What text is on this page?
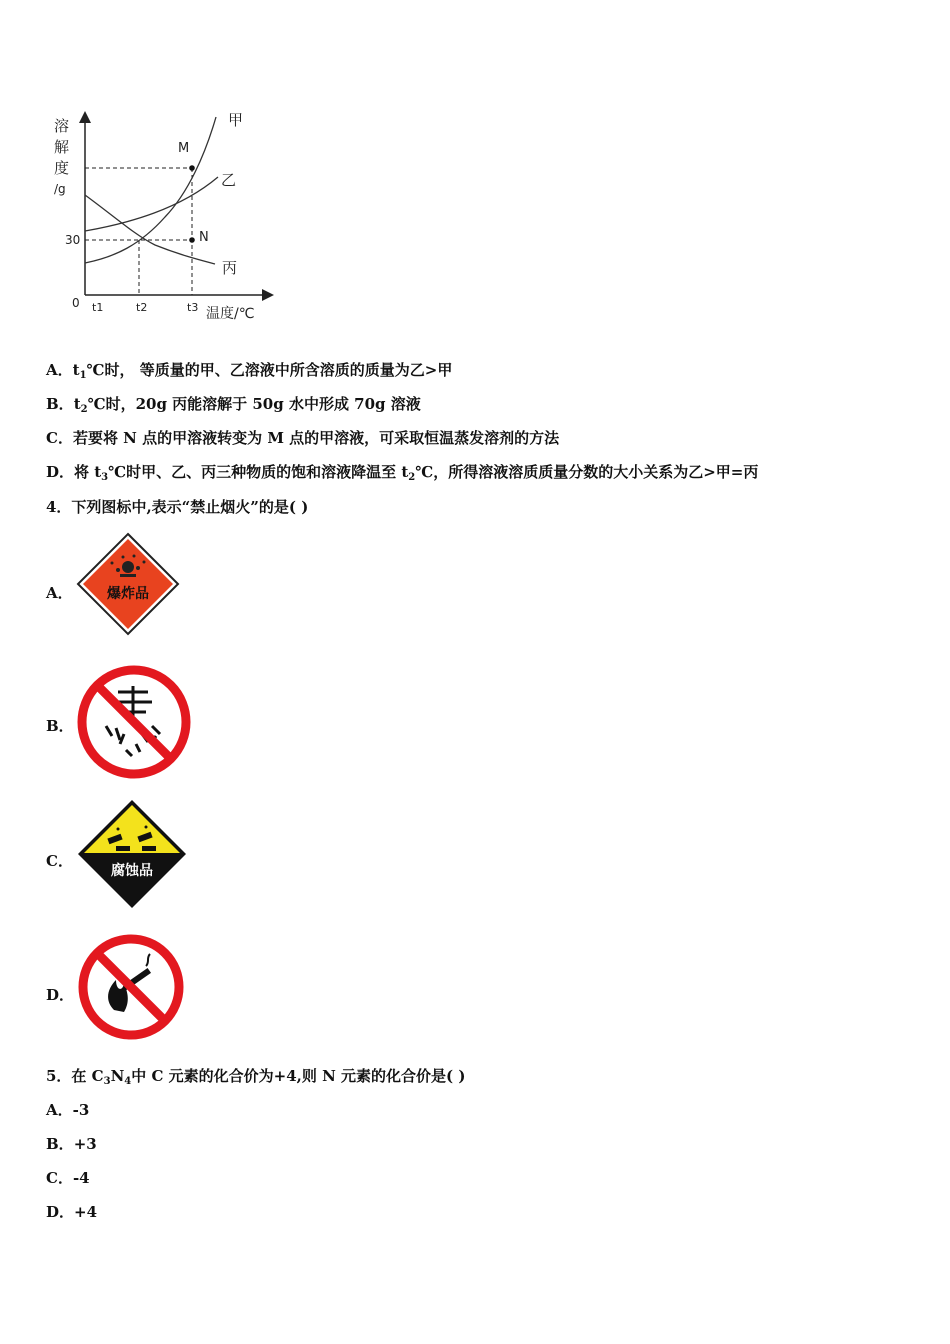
溶
解
度
/g
30
0 t1	t2	t3 温度/℃
M
N
甲
乙
丙
A．$t_1℃$时， 等质量的甲、乙溶液中所含溶质的质量为乙>甲
B．$t_2℃$时，20g 丙能溶解于 50g 水中形成 70g 溶液
C．若要将 N 点的甲溶液转变为 M 点的甲溶液，可采取恒温蒸发溶剂的方法
D．将 $t_3℃$时甲、乙、丙三种物质的饱和溶液降温至 $t_2℃$，所得溶液溶质质量分数的大小关系为乙>甲=丙
4．下列图标中,表示“禁止烟火”的是( )
A． 爆炸品
B．
C．
腐蚀品
D．
5．在 $C_3N_4$中 C 元素的化合价为+4,则 N 元素的化合价是( )
A．-3
B．+3
C．-4
D．+4
